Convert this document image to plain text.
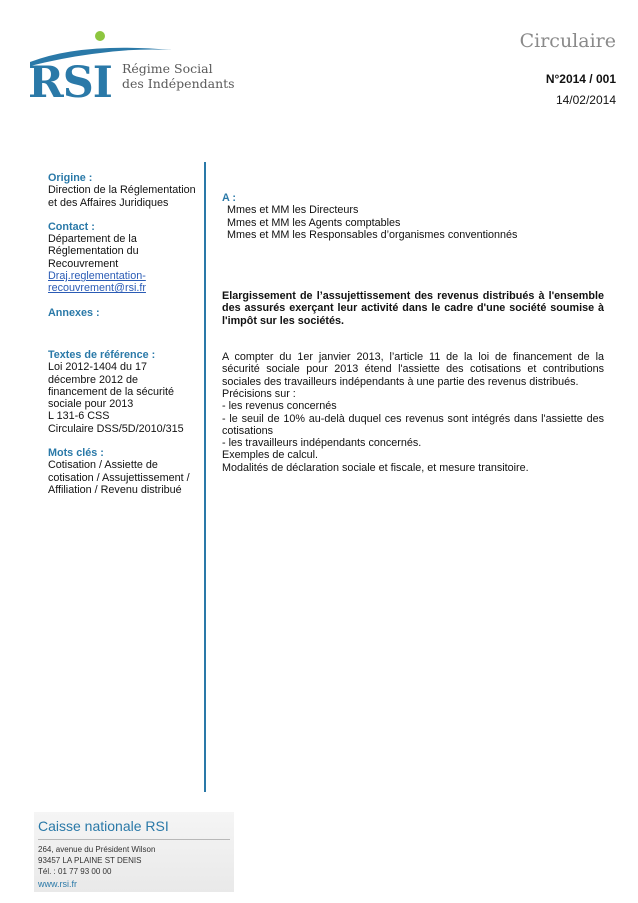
RSI Régime Social
des Indépendants
Circulaire
N°2014 / 001
14/02/2014
Origine :
Direction de la Réglementation
et des Affaires Juridiques
Contact :
Département de la
Réglementation du
Recouvrement
Draj.reglementation-
recouvrement@rsi.fr
Annexes :
Textes de référence :
Loi 2012-1404 du 17
décembre 2012 de
financement de la sécurité
sociale pour 2013
L 131-6 CSS
Circulaire DSS/5D/2010/315
Mots clés :
Cotisation / Assiette de
cotisation / Assujettissement /
Affiliation / Revenu distribué
A :
Mmes et MM les Directeurs
Mmes et MM les Agents comptables
Mmes et MM les Responsables d’organismes conventionnés
Elargissement de l’assujettissement des revenus distribués à l'ensemble des assurés exerçant leur activité dans le cadre d'une société soumise à l'impôt sur les sociétés.
A compter du 1er janvier 2013, l’article 11 de la loi de financement de la sécurité sociale pour 2013 étend l'assiette des cotisations et contributions sociales des travailleurs indépendants à une partie des revenus distribués.
Précisions sur :
- les revenus concernés
- le seuil de 10% au-delà duquel ces revenus sont intégrés dans l'assiette des cotisations
- les travailleurs indépendants concernés.
Exemples de calcul.
Modalités de déclaration sociale et fiscale, et mesure transitoire.
Caisse nationale RSI
264, avenue du Président Wilson
93457 LA PLAINE ST DENIS
Tél. : 01 77 93 00 00
www.rsi.fr
